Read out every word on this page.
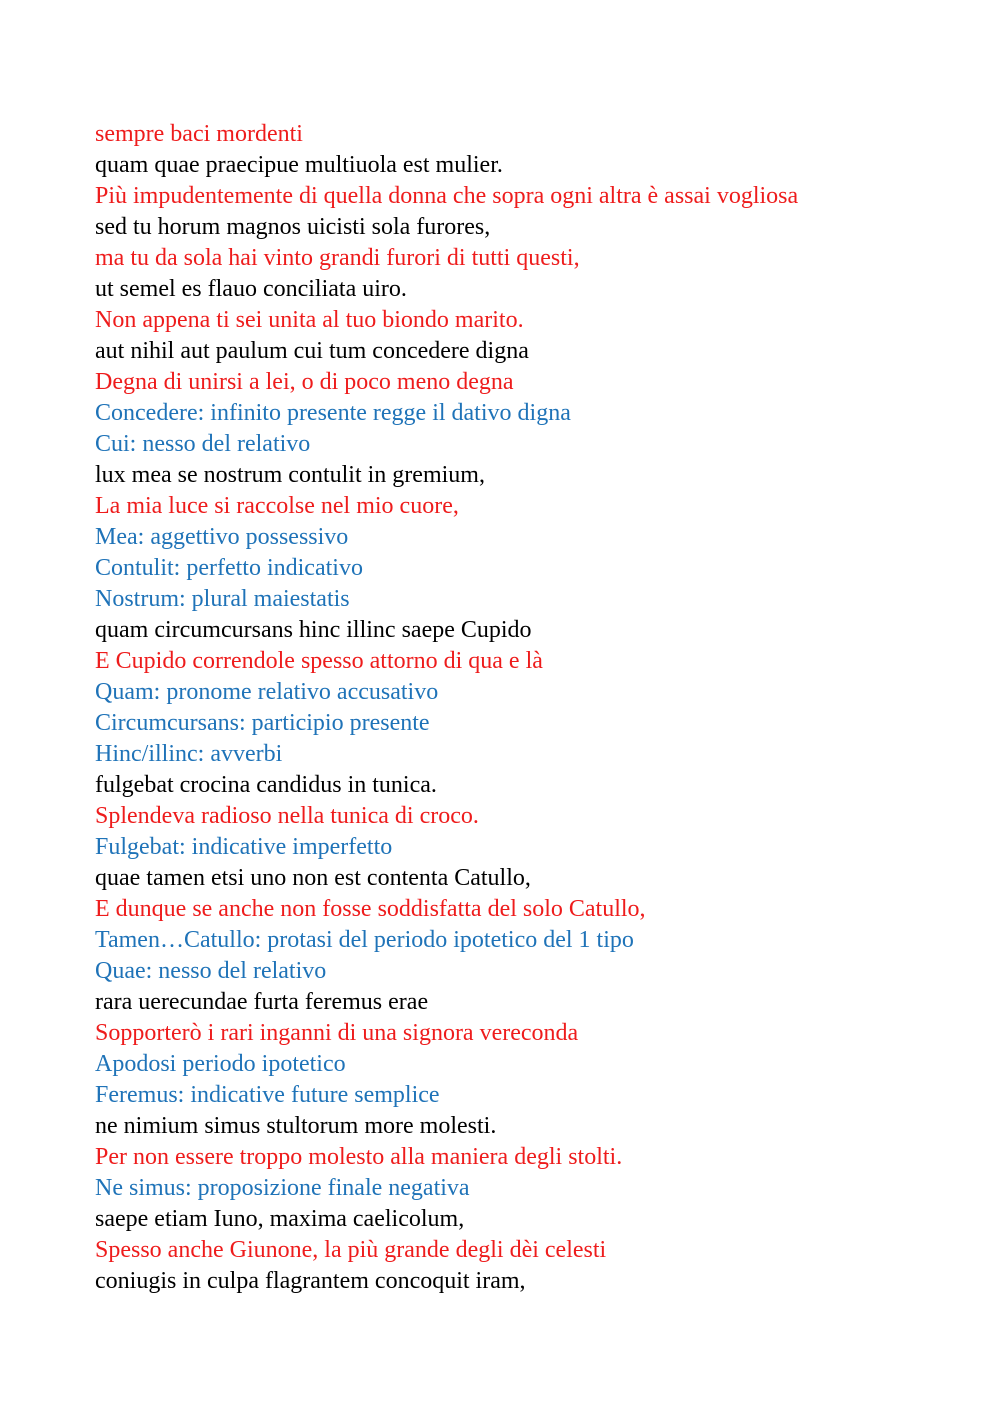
sempre baci mordenti

quam quae praecipue multiuola est mulier.

Più impudentemente di quella donna che sopra ogni altra è assai vogliosa

sed tu horum magnos uicisti sola furores,

ma tu da sola hai vinto grandi furori di tutti questi,

ut semel es flauo conciliata uiro.

Non appena ti sei unita al tuo biondo marito.

aut nihil aut paulum cui tum concedere digna

Degna di unirsi a lei, o di poco meno degna

Concedere: infinito presente regge il dativo digna

Cui: nesso del relativo

lux mea se nostrum contulit in gremium,

La mia luce si raccolse nel mio cuore,

Mea: aggettivo possessivo

Contulit: perfetto indicativo

Nostrum: plural maiestatis

quam circumcursans hinc illinc saepe Cupido

E Cupido correndole spesso attorno di qua e là

Quam: pronome relativo accusativo

Circumcursans: participio presente

Hinc/illinc: avverbi

fulgebat crocina candidus in tunica.

Splendeva radioso nella tunica di croco.

Fulgebat: indicative imperfetto

quae tamen etsi uno non est contenta Catullo,

E dunque se anche non fosse soddisfatta del solo Catullo,

Tamen…Catullo: protasi del periodo ipotetico del 1 tipo

Quae: nesso del relativo

rara uerecundae furta feremus erae

Sopporterò i rari inganni di una signora vereconda

Apodosi periodo ipotetico

Feremus: indicative future semplice

ne nimium simus stultorum more molesti.

Per non essere troppo molesto alla maniera degli stolti.

Ne simus: proposizione finale negativa

saepe etiam Iuno, maxima caelicolum,

Spesso anche Giunone, la più grande degli dèi celesti

coniugis in culpa flagrantem concoquit iram,
